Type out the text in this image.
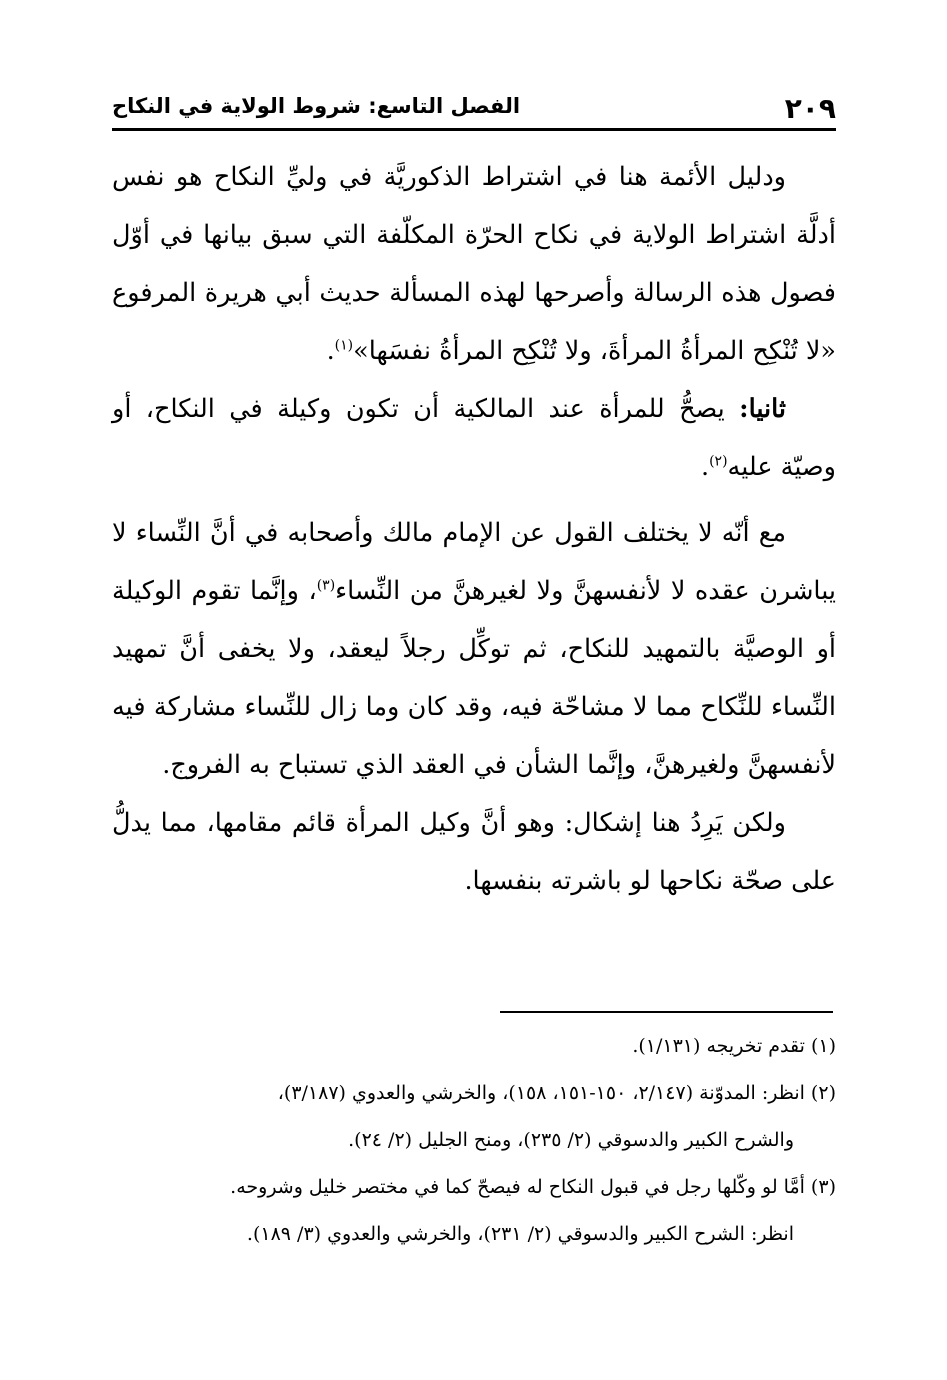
٢٠٩
الفصل التاسع: شروط الولاية في النكاح

ودليل الأئمة هنا في اشتراط الذكوريَّة في وليِّ النكاح هو نفس أدلَّة اشتراط الولاية في نكاح الحرّة المكلّفة التي سبق بيانها في أوّل فصول هذه الرسالة وأصرحها لهذه المسألة حديث أبي هريرة المرفوع «لا تُنْكِح المرأةُ المرأةَ، ولا تُنْكِح المرأةُ نفسَها»$^{(١)}$.

ثانيا: يصحُّ للمرأة عند المالكية أن تكون وكيلة في النكاح، أو وصيّة عليه$^{(٢)}$.

مع أنّه لا يختلف القول عن الإمام مالك وأصحابه في أنَّ النِّساء لا يباشرن عقده لا لأنفسهنَّ ولا لغيرهنَّ من النِّساء$^{(٣)}$، وإنَّما تقوم الوكيلة أو الوصيَّة بالتمهيد للنكاح، ثم توكِّل رجلاً ليعقد، ولا يخفى أنَّ تمهيد النِّساء للنِّكاح مما لا مشاحّة فيه، وقد كان وما زال للنِّساء مشاركة فيه لأنفسهنَّ ولغيرهنَّ، وإنَّما الشأن في العقد الذي تستباح به الفروج.

ولكن يَرِدُ هنا إشكال: وهو أنَّ وكيل المرأة قائم مقامها، مما يدلُّ على صحّة نكاحها لو باشرته بنفسها.

(١) تقدم تخريجه (١/١٣١).

(٢) انظر: المدوّنة (٢/١٤٧، ١٥٠-١٥١، ١٥٨)، والخرشي والعدوي (٣/١٨٧)،

والشرح الكبير والدسوقي (٢/ ٢٣٥)، ومنح الجليل (٢/ ٢٤).

(٣) أمَّا لو وكّلها رجل في قبول النكاح له فيصحّ كما في مختصر خليل وشروحه.

انظر: الشرح الكبير والدسوقي (٢/ ٢٣١)، والخرشي والعدوي (٣/ ١٨٩).
